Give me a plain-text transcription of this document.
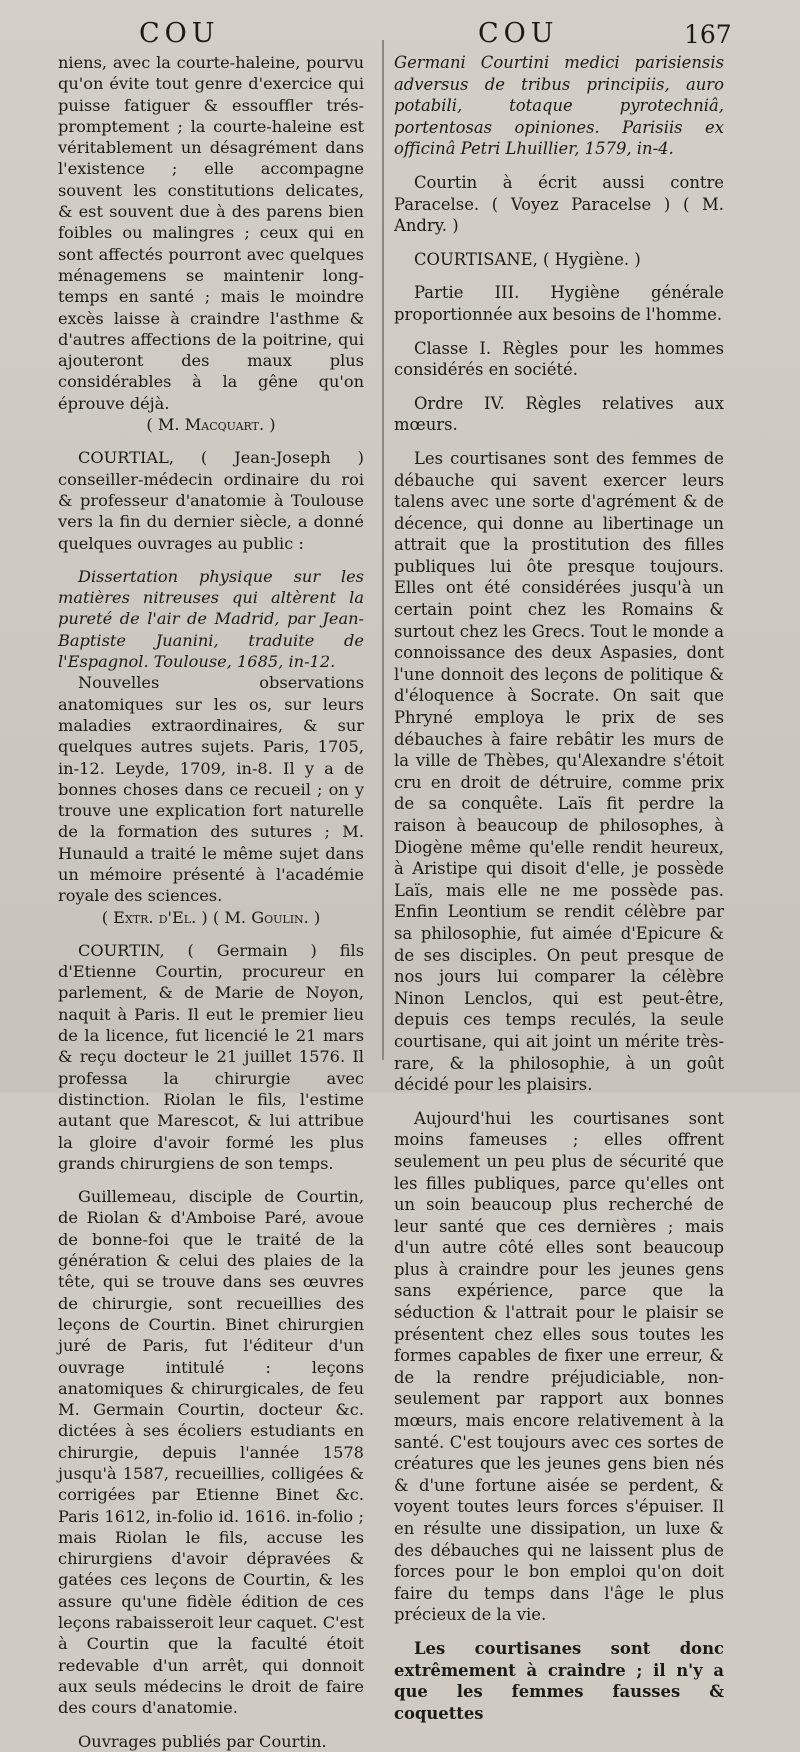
COU	COU	167

niens, avec la courte-haleine, pourvu qu'on évite tout genre d'exercice qui puisse fatiguer & essouffler trés-promptement ; la courte-haleine est véritablement un désagrément dans l'existence ; elle accompagne souvent les constitutions delicates, & est souvent due à des parens bien foibles ou malingres ; ceux qui en sont affectés pourront avec quelques ménagemens se maintenir long-temps en santé ; mais le moindre excès laisse à craindre l'asthme & d'autres affections de la poitrine, qui ajouteront des maux plus considérables à la gêne qu'on éprouve déjà.

( M. Macquart. )

COURTIAL, ( Jean-Joseph ) conseiller-médecin ordinaire du roi & professeur d'anatomie à Toulouse vers la fin du dernier siècle, a donné quelques ouvrages au public :

Dissertation physique sur les matières nitreuses qui altèrent la pureté de l'air de Madrid, par Jean-Baptiste Juanini, traduite de l'Espagnol. Toulouse, 1685, in-12.

Nouvelles observations anatomiques sur les os, sur leurs maladies extraordinaires, & sur quelques autres sujets. Paris, 1705, in-12. Leyde, 1709, in-8. Il y a de bonnes choses dans ce recueil ; on y trouve une explication fort naturelle de la formation des sutures ; M. Hunauld a traité le même sujet dans un mémoire présenté à l'académie royale des sciences.

( Extr. d'El. ) ( M. Goulin. )

COURTIN, ( Germain ) fils d'Etienne Courtin, procureur en parlement, & de Marie de Noyon, naquit à Paris. Il eut le premier lieu de la licence, fut licencié le 21 mars & reçu docteur le 21 juillet 1576. Il professa la chirurgie avec distinction. Riolan le fils, l'estime autant que Marescot, & lui attribue la gloire d'avoir formé les plus grands chirurgiens de son temps.

Guillemeau, disciple de Courtin, de Riolan & d'Amboise Paré, avoue de bonne-foi que le traité de la génération & celui des plaies de la tête, qui se trouve dans ses œuvres de chirurgie, sont recueillies des leçons de Courtin. Binet chirurgien juré de Paris, fut l'éditeur d'un ouvrage intitulé : leçons anatomiques & chirurgicales, de feu M. Germain Courtin, docteur &c. dictées à ses écoliers estudiants en chirurgie, depuis l'année 1578 jusqu'à 1587, recueillies, colligées & corrigées par Etienne Binet &c. Paris 1612, in-folio id. 1616. in-folio ; mais Riolan le fils, accuse les chirurgiens d'avoir dépravées & gatées ces leçons de Courtin, & les assure qu'une fidèle édition de ces leçons rabaisseroit leur caquet. C'est à Courtin que la faculté étoit redevable d'un arrêt, qui donnoit aux seuls médecins le droit de faire des cours d'anatomie.

Ouvrages publiés par Courtin.

Germani Courtini medici parisiensis adversus de tribus principiis, auro potabili, totaque pyrotechniâ, portentosas opiniones. Parisiis ex officinâ Petri Lhuillier, 1579, in-4.

Courtin à écrit aussi contre Paracelse. ( Voyez Paracelse ) ( M. Andry. )

COURTISANE, ( Hygiène. )

Partie III. Hygiène générale proportionnée aux besoins de l'homme.

Classe I. Règles pour les hommes considérés en société.

Ordre IV. Règles relatives aux mœurs.

Les courtisanes sont des femmes de débauche qui savent exercer leurs talens avec une sorte d'agrément & de décence, qui donne au libertinage un attrait que la prostitution des filles publiques lui ôte presque toujours. Elles ont été considérées jusqu'à un certain point chez les Romains & surtout chez les Grecs. Tout le monde a connoissance des deux Aspasies, dont l'une donnoit des leçons de politique & d'éloquence à Socrate. On sait que Phryné employa le prix de ses débauches à faire rebâtir les murs de la ville de Thèbes, qu'Alexandre s'étoit cru en droit de détruire, comme prix de sa conquête. Laïs fit perdre la raison à beaucoup de philosophes, à Diogène même qu'elle rendit heureux, à Aristipe qui disoit d'elle, je possède Laïs, mais elle ne me possède pas. Enfin Leontium se rendit célèbre par sa philosophie, fut aimée d'Epicure & de ses disciples. On peut presque de nos jours lui comparer la célèbre Ninon Lenclos, qui est peut-être, depuis ces temps reculés, la seule courtisane, qui ait joint un mérite très-rare, & la philosophie, à un goût décidé pour les plaisirs.

Aujourd'hui les courtisanes sont moins fameuses ; elles offrent seulement un peu plus de sécurité que les filles publiques, parce qu'elles ont un soin beaucoup plus recherché de leur santé que ces dernières ; mais d'un autre côté elles sont beaucoup plus à craindre pour les jeunes gens sans expérience, parce que la séduction & l'attrait pour le plaisir se présentent chez elles sous toutes les formes capables de fixer une erreur, & de la rendre préjudiciable, non-seulement par rapport aux bonnes mœurs, mais encore relativement à la santé. C'est toujours avec ces sortes de créatures que les jeunes gens bien nés & d'une fortune aisée se perdent, & voyent toutes leurs forces s'épuiser. Il en résulte une dissipation, un luxe & des débauches qui ne laissent plus de forces pour le bon emploi qu'on doit faire du temps dans l'âge le plus précieux de la vie.

Les courtisanes sont donc extrêmement à craindre ; il n'y a que les femmes fausses & coquettes
